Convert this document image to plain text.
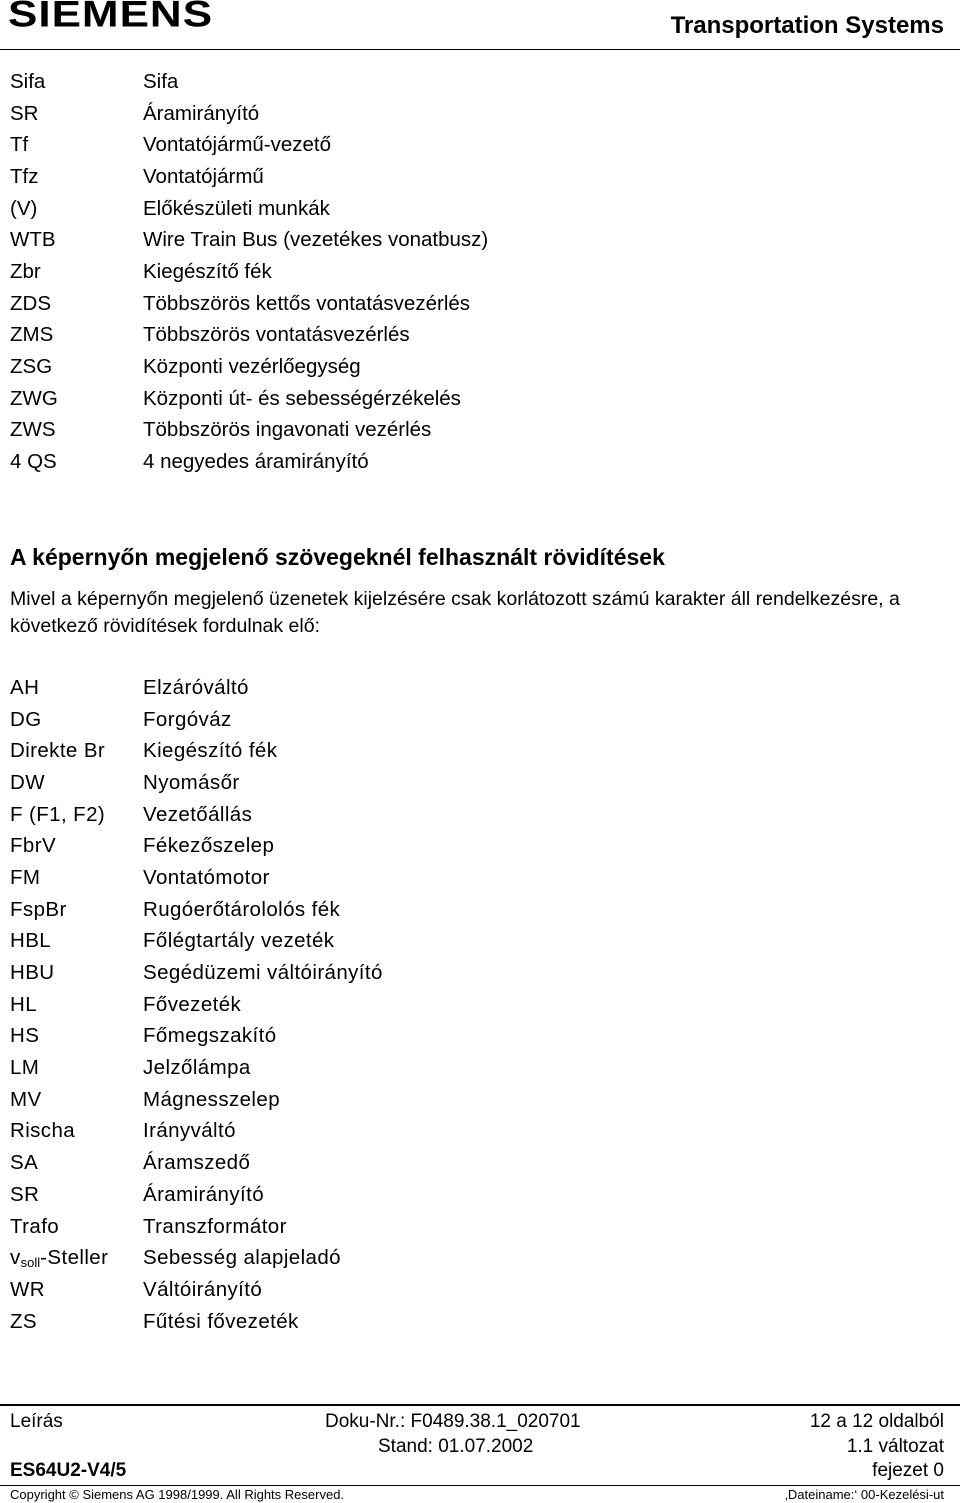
SIEMENS	Transportation Systems
Sifa	Sifa
SR	Áramirányító
Tf	Vontatójármű-vezető
Tfz	Vontatójármű
(V)	Előkészületi munkák
WTB	Wire Train Bus (vezetékes vonatbusz)
Zbr	Kiegészítő fék
ZDS	Többszörös kettős vontatásvezérlés
ZMS	Többszörös vontatásvezérlés
ZSG	Központi vezérlőegység
ZWG	Központi út- és sebességérzékelés
ZWS	Többszörös ingavonati vezérlés
4 QS	4 negyedes áramirányító
A képernyőn megjelenő szövegeknél felhasznált rövidítések
Mivel a képernyőn megjelenő üzenetek kijelzésére csak korlátozott számú karakter áll rendelkezésre, a következő rövidítések fordulnak elő:
AH	Elzáróváltó
DG	Forgóváz
Direkte Br	Kiegészító fék
DW	Nyomásőr
F (F1, F2)	Vezetőállás
FbrV	Fékezőszelep
FM	Vontatómotor
FspBr	Rugóerőtárololós fék
HBL	Főlégtartály vezeték
HBU	Segédüzemi váltóirányító
HL	Fővezeték
HS	Főmegszakító
LM	Jelzőlámpa
MV	Mágnesszelep
Rischa	Irányváltó
SA	Áramszedő
SR	Áramirányító
Trafo	Transzformátor
$v_{soll}$-Steller	Sebesség alapjeladó
WR	Váltóirányító
ZS	Fűtési fővezeték
Leírás	Doku-Nr.: F0489.38.1_020701	12 a 12 oldalból
Stand: 01.07.2002	1.1 változat
ES64U2-V4/5	fejezet 0
Copyright © Siemens AG 1998/1999. All Rights Reserved.	‚Dateiname:‘ 00-Kezelési-ut
